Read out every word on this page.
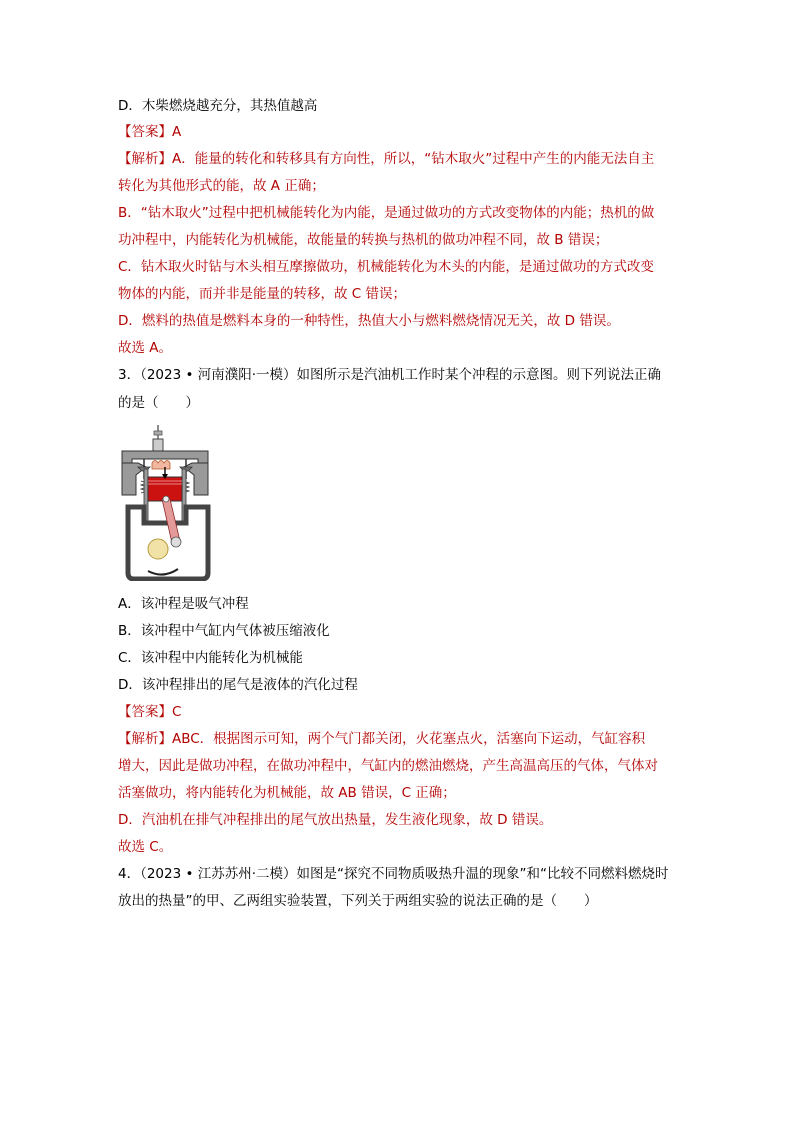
D．木柴燃烧越充分，其热值越高
【答案】A
【解析】A．能量的转化和转移具有方向性，所以，“钻木取火”过程中产生的内能无法自主
转化为其他形式的能，故 A 正确；
B．“钻木取火”过程中把机械能转化为内能，是通过做功的方式改变物体的内能；热机的做
功冲程中，内能转化为机械能，故能量的转换与热机的做功冲程不同，故 B 错误；
C．钻木取火时钻与木头相互摩擦做功，机械能转化为木头的内能，是通过做功的方式改变
物体的内能，而并非是能量的转移，故 C 错误；
D．燃料的热值是燃料本身的一种特性，热值大小与燃料燃烧情况无关，故 D 错误。
故选 A。
3．（2023 • 河南濮阳·一模）如图所示是汽油机工作时某个冲程的示意图。则下列说法正确
的是（　　）
A．该冲程是吸气冲程
B．该冲程中气缸内气体被压缩液化
C．该冲程中内能转化为机械能
D．该冲程排出的尾气是液体的汽化过程
【答案】C
【解析】ABC．根据图示可知，两个气门都关闭，火花塞点火，活塞向下运动，气缸容积
增大，因此是做功冲程，在做功冲程中，气缸内的燃油燃烧，产生高温高压的气体，气体对
活塞做功，将内能转化为机械能，故 AB 错误，C 正确；
D．汽油机在排气冲程排出的尾气放出热量，发生液化现象，故 D 错误。
故选 C。
4．（2023 • 江苏苏州·二模）如图是“探究不同物质吸热升温的现象”和“比较不同燃料燃烧时
放出的热量”的甲、乙两组实验装置，下列关于两组实验的说法正确的是（　　）
